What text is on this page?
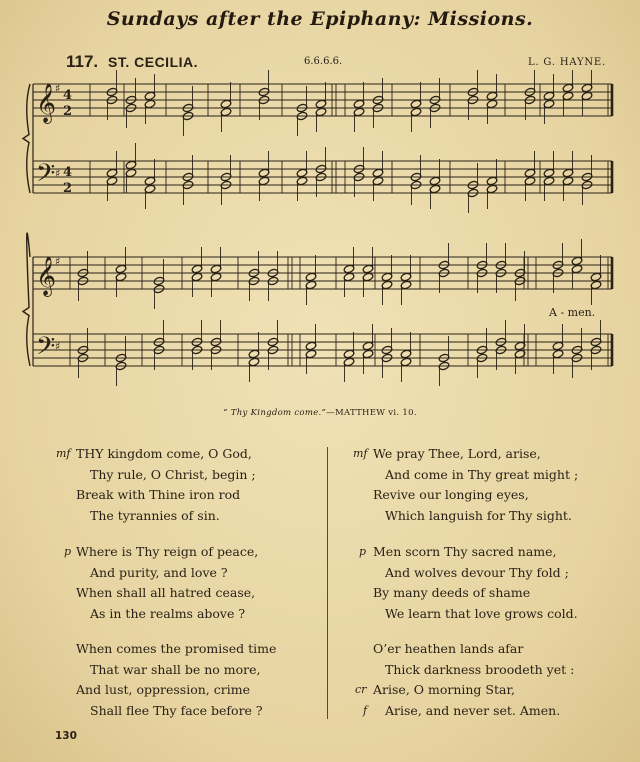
Sundays after the Epiphany: Missions.
117. ST. CECILIA.	6.6.6.6.	L. G. HAYNE.
𝄞
♯ 4
2
𝄢 ♯ 4
2
𝄞
♯
𝄢 ♯
A - men.
“ Thy Kingdom come.”—MATTHEW vi. 10.
mf THY kingdom come, O God,
Thy rule, O Christ, begin ;
Break with Thine iron rod
The tyrannies of sin.
p Where is Thy reign of peace,
And purity, and love ?
When shall all hatred cease,
As in the realms above ?
When comes the promised time
That war shall be no more,
And lust, oppression, crime
Shall flee Thy face before ?
mf We pray Thee, Lord, arise,
And come in Thy great might ;
Revive our longing eyes,
Which languish for Thy sight.
p Men scorn Thy sacred name,
And wolves devour Thy fold ;
By many deeds of shame
We learn that love grows cold.
O’er heathen lands afar
Thick darkness broodeth yet :
cr Arise, O morning Star,
f Arise, and never set. Amen.
130
